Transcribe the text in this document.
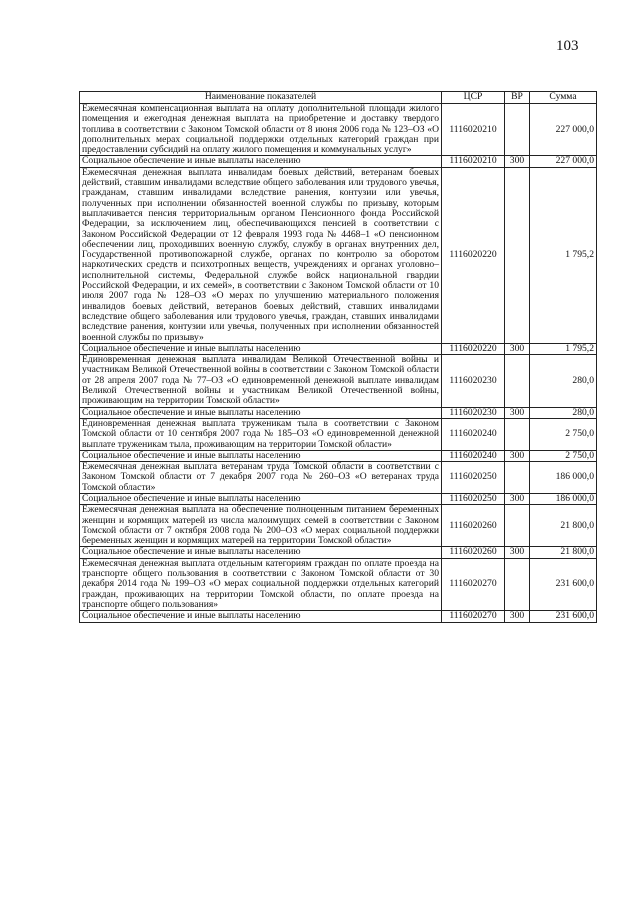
103
Наименование показателей	ЦСР	ВР	Сумма
Ежемесячная компенсационная выплата на оплату дополнительной площади жилого помещения и ежегодная денежная выплата на приобретение и доставку твердого топлива в соответствии с Законом Томской области от 8 июня 2006 года № 123–ОЗ «О дополнительных мерах социальной поддержки отдельных категорий граждан при предоставлении субсидий на оплату жилого помещения и коммунальных услуг»	1116020210		227 000,0
Социальное обеспечение и иные выплаты населению	1116020210	300	227 000,0
Ежемесячная денежная выплата инвалидам боевых действий, ветеранам боевых действий, ставшим инвалидами вследствие общего заболевания или трудового увечья, гражданам, ставшим инвалидами вследствие ранения, контузии или увечья, полученных при исполнении обязанностей военной службы по призыву, которым выплачивается пенсия территориальным органом Пенсионного фонда Российской Федерации, за исключением лиц, обеспечивающихся пенсией в соответствии с Законом Российской Федерации от 12 февраля 1993 года № 4468–1 «О пенсионном обеспечении лиц, проходивших военную службу, службу в органах внутренних дел, Государственной противопожарной службе, органах по контролю за оборотом наркотических средств и психотропных веществ, учреждениях и органах уголовно–исполнительной системы, Федеральной службе войск национальной гвардии Российской Федерации, и их семей», в соответствии с Законом Томской области от 10 июля 2007 года № 128–ОЗ «О мерах по улучшению материального положения инвалидов боевых действий, ветеранов боевых действий, ставших инвалидами вследствие общего заболевания или трудового увечья, граждан, ставших инвалидами вследствие ранения, контузии или увечья, полученных при исполнении обязанностей военной службы по призыву»	1116020220		1 795,2
Социальное обеспечение и иные выплаты населению	1116020220	300	1 795,2
Единовременная денежная выплата инвалидам Великой Отечественной войны и участникам Великой Отечественной войны в соответствии с Законом Томской области от 28 апреля 2007 года № 77–ОЗ «О единовременной денежной выплате инвалидам Великой Отечественной войны и участникам Великой Отечественной войны, проживающим на территории Томской области»	1116020230		280,0
Социальное обеспечение и иные выплаты населению	1116020230	300	280,0
Единовременная денежная выплата труженикам тыла в соответствии с Законом Томской области от 10 сентября 2007 года № 185–ОЗ «О единовременной денежной выплате труженикам тыла, проживающим на территории Томской области»	1116020240		2 750,0
Социальное обеспечение и иные выплаты населению	1116020240	300	2 750,0
Ежемесячная денежная выплата ветеранам труда Томской области в соответствии с Законом Томской области от 7 декабря 2007 года № 260–ОЗ «О ветеранах труда Томской области»	1116020250		186 000,0
Социальное обеспечение и иные выплаты населению	1116020250	300	186 000,0
Ежемесячная денежная выплата на обеспечение полноценным питанием беременных женщин и кормящих матерей из числа малоимущих семей в соответствии с Законом Томской области от 7 октября 2008 года № 200–ОЗ «О мерах социальной поддержки беременных женщин и кормящих матерей на территории Томской области»	1116020260		21 800,0
Социальное обеспечение и иные выплаты населению	1116020260	300	21 800,0
Ежемесячная денежная выплата отдельным категориям граждан по оплате проезда на транспорте общего пользования в соответствии с Законом Томской области от 30 декабря 2014 года № 199–ОЗ «О мерах социальной поддержки отдельных категорий граждан, проживающих на территории Томской области, по оплате проезда на транспорте общего пользования»	1116020270		231 600,0
Социальное обеспечение и иные выплаты населению	1116020270	300	231 600,0
